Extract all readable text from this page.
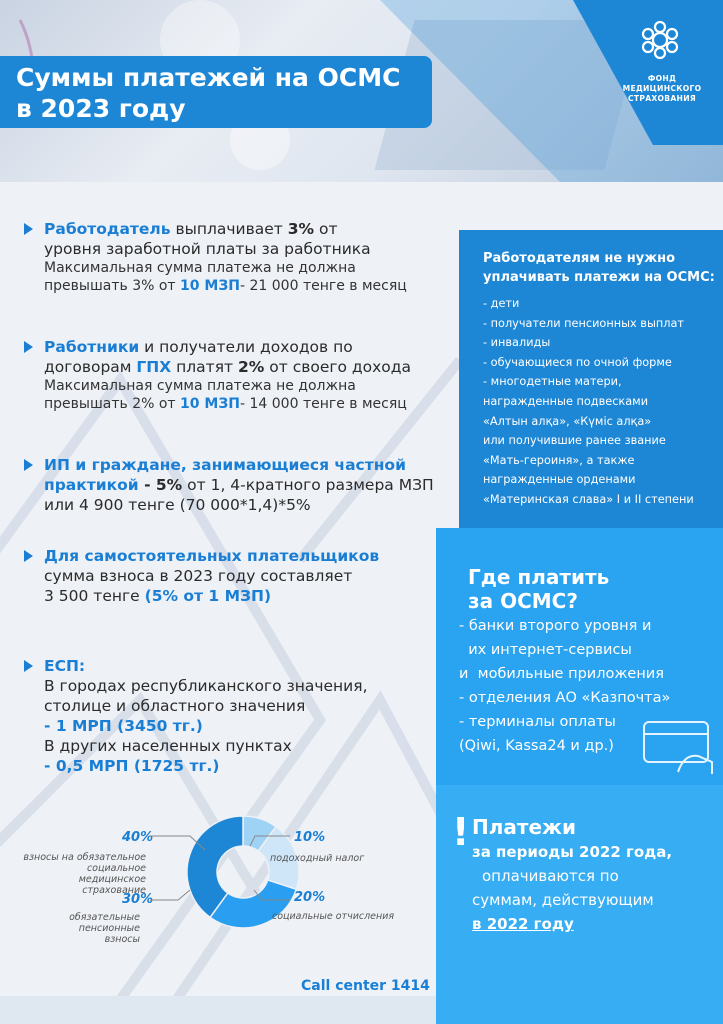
Суммы платежей на ОСМС
в 2023 году
ФОНД
МЕДИЦИНСКОГО
СТРАХОВАНИЯ
Работодатель выплачивает 3% от
уровня заработной платы за работника
Максимальная сумма платежа не должна
превышать 3% от 10 МЗП- 21 000 тенге в месяц
Работники и получатели доходов по
договорам ГПХ платят 2% от своего дохода
Максимальная сумма платежа не должна
превышать 2% от 10 МЗП- 14 000 тенге в месяц
ИП и граждане, занимающиеся частной
практикой - 5% от 1, 4-кратного размера МЗП
или 4 900 тенге (70 000*1,4)*5%
Для самостоятельных плательщиков
сумма взноса в 2023 году составляет
3 500 тенге (5% от 1 МЗП)
ЕСП:
В городах республиканского значения,
столице и областного значения
- 1 МРП (3450 тг.)
В других населенных пунктах
- 0,5 МРП (1725 тг.)
Работодателям не нужно
уплачивать платежи на ОСМС:
- дети
- получатели пенсионных выплат
- инвалиды
- обучающиеся по очной форме
- многодетные матери,
награжденные подвесками
«Алтын алқа», «Күміс алқа»
или получившие ранее звание
«Мать-героиня», а также
награжденные орденами
«Материнская слава» I и II степени
Где платить
за ОСМС?
- банки второго уровня и
их интернет-сервисы
и  мобильные приложения
- отделения АО «Казпочта»
- терминалы оплаты
(Qiwi, Kassa24 и др.)
! Платежи
за периоды 2022 года,
оплачиваются по
суммам, действующим
в 2022 году
40%
взносы на обязательное
социальное медицинское
страхование
10%
подоходный налог
30%
обязательные
пенсионные взносы
20%
социальные отчисления
Call center 1414
